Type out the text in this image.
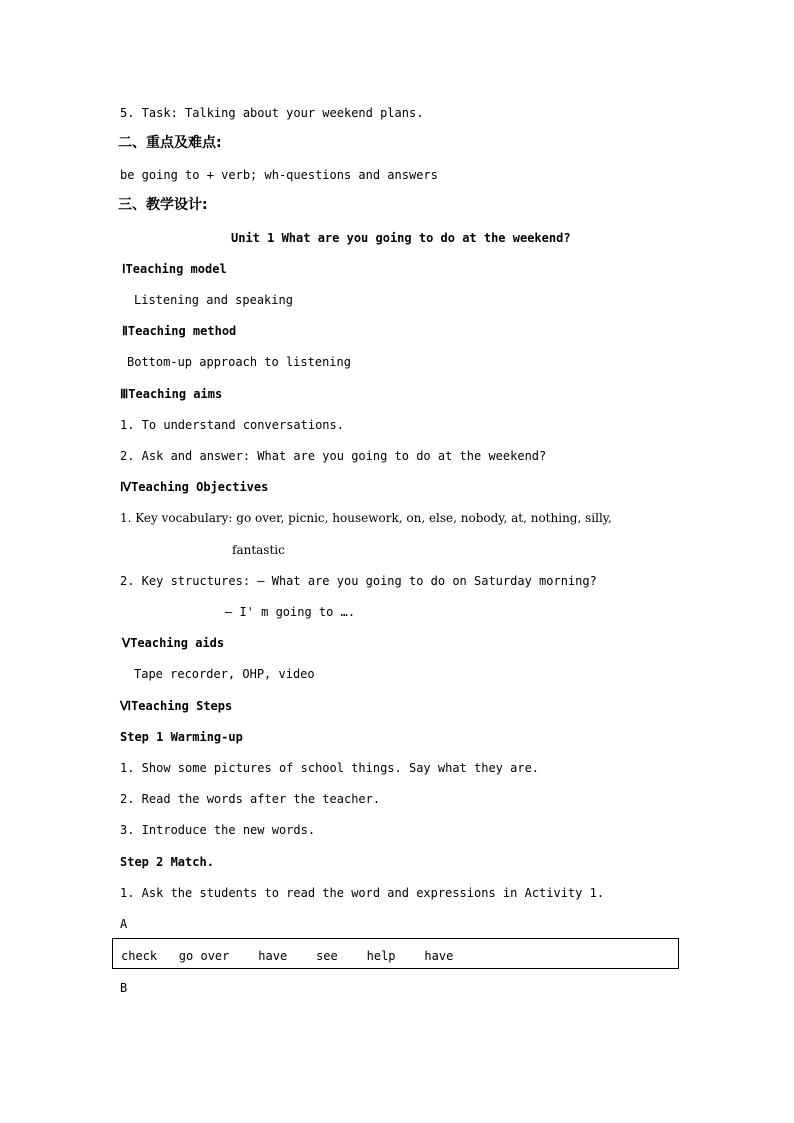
5. Task: Talking about your weekend plans.
二、重点及难点:
be going to + verb; wh-questions and answers
三、教学设计:
Unit 1 What are you going to do at the weekend?
ⅠTeaching model
Listening and speaking
ⅡTeaching method
Bottom-up approach to listening
ⅢTeaching aims
1. To understand conversations.
2. Ask and answer: What are you going to do at the weekend?
ⅣTeaching Objectives
1. Key vocabulary: go over, picnic, housework, on, else, nobody, at, nothing, silly,
fantastic
2. Key structures: — What are you going to do on Saturday morning?
— I' m going to ….
ⅤTeaching aids
Tape recorder, OHP, video
ⅥTeaching Steps
Step 1 Warming-up
1. Show some pictures of school things. Say what they are.
2. Read the words after the teacher.
3. Introduce the new words.
Step 2 Match.
1. Ask the students to read the word and expressions in Activity 1.
A
check   go over    have    see    help    have
B
